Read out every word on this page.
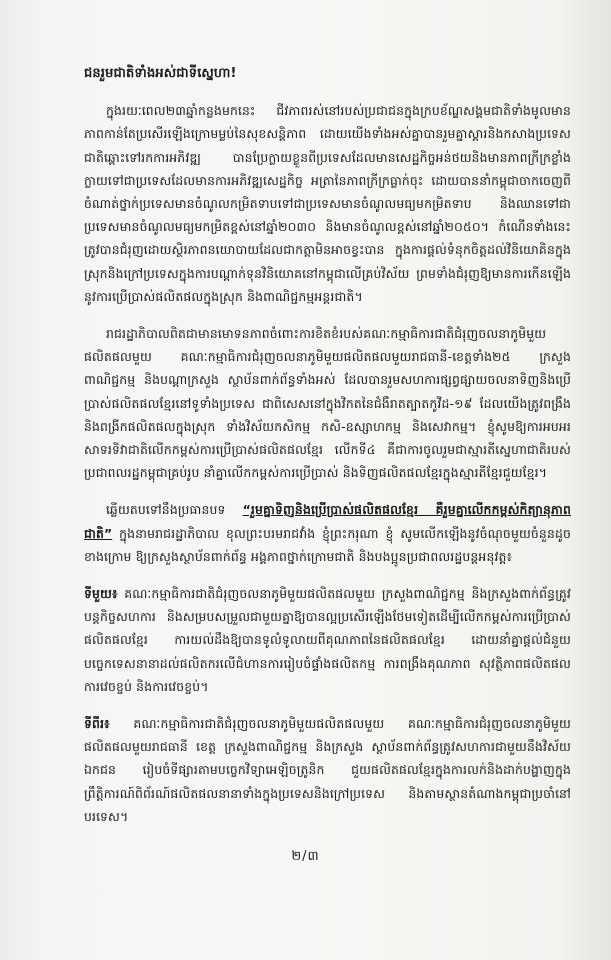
ជនរួមជាតិទាំងអស់ជាទីស្នេហា!

ក្នុងរយៈពេល២៣ឆ្នាំកន្លងមកនេះ ជីវភាពរស់នៅរបស់ប្រជាជនក្នុងក្របខ័ណ្ឌសង្គមជាតិទាំងមូលមានភាពកាន់តែប្រសើរឡើងក្រោមម្លប់នៃសុខសន្តិភាព ដោយយើងទាំងអស់គ្នាបានរួមគ្នាស្តារនិងកសាងប្រទេសជាតិឆ្ពោះទៅរកការអភិវឌ្ឍ បានប្រែក្លាយខ្លួនពីប្រទេសដែលមានសេដ្ឋកិច្ចអន់ថយនិងមានភាពក្រីក្រខ្លាំង ក្លាយទៅជាប្រទេសដែលមានការអភិវឌ្ឍសេដ្ឋកិច្ច អត្រានៃភាពក្រីក្រធ្លាក់ចុះ ដោយបាននាំកម្ពុជាចាកចេញពីចំណាត់ថ្នាក់ប្រទេសមានចំណូលកម្រិតទាបទៅជាប្រទេសមានចំណូលមធ្យមកម្រិតទាប និងឈានទៅជាប្រទេសមានចំណូលមធ្យមកម្រិតខ្ពស់នៅឆ្នាំ២០៣០ និងមានចំណូលខ្ពស់នៅឆ្នាំ២០៥០។ កំណើនទាំងនេះត្រូវបានជំរុញដោយស្ថិរភាពនយោបាយដែលជាកត្តាមិនអាចខ្វះបាន ក្នុងការផ្តល់ទំនុកចិត្តដល់វិនិយោគិនក្នុងស្រុកនិងក្រៅប្រទេសក្នុងការបណ្តាក់ទុនវិនិយោគនៅកម្ពុជាលើគ្រប់វិស័យ ព្រមទាំងជំរុញឱ្យមានការកើនឡើងនូវការប្រើប្រាស់ផលិតផលក្នុងស្រុក និងពាណិជ្ជកម្មអន្តរជាតិ។

រាជរដ្ឋាភិបាលពិតជាមានមោទនភាពចំពោះការខិតខំរបស់គណៈកម្មាធិការជាតិជំរុញចលនាភូមិមួយផលិតផលមួយ គណៈកម្មាធិការជំរុញចលនាភូមិមួយផលិតផលមួយរាជធានី-ខេត្តទាំង២៥ ក្រសួងពាណិជ្ជកម្ម និងបណ្តាក្រសួង ស្ថាប័នពាក់ព័ន្ធទាំងអស់ ដែលបានរួមសហការផ្សព្វផ្សាយចលនាទិញនិងប្រើប្រាស់ផលិតផលខ្មែរនៅទូទាំងប្រទេស ជាពិសេសនៅក្នុងវិកតនៃជំងឺរាតត្បាតកូវីដ-១៩ ដែលយើងត្រូវពង្រឹងនិងពង្រីកផលិតផលក្នុងស្រុក ទាំងវិស័យកសិកម្ម កសិ-ឧស្សាហកម្ម និងសេវាកម្ម។ ខ្ញុំសូមឱ្យការអបអរសាទរទិវាជាតិលើកកម្ពស់ការប្រើប្រាស់ផលិតផលខ្មែរ លើកទី៤ គឺជាការចូលរួមជាស្មារតីស្នេហាជាតិរបស់ប្រជាពលរដ្ឋកម្ពុជាគ្រប់រូប នាំគ្នាលើកកម្ពស់ការប្រើប្រាស់ និងទិញផលិតផលខ្មែរក្នុងស្មារតីខ្មែរជួយខ្មែរ។

ឆ្លើយតបទៅនឹងប្រធានបទ “រួមគ្នាទិញនិងប្រើប្រាស់ផលិតផលខ្មែរ គឺរួមគ្នាលើកកម្ពស់កិត្យានុភាពជាតិ” ក្នុងនាមរាជរដ្ឋាភិបាល ខុលព្រះបរមរាជវាំង ខ្ញុំព្រះករុណា ខ្ញុំ សូមលើកឡើងនូវចំណុចមួយចំនួនដូចខាងក្រោម ឱ្យក្រសួងស្ថាប័នពាក់ព័ន្ធ អង្គភាពថ្នាក់ក្រោមជាតិ និងបងប្អូនប្រជាពលរដ្ឋបន្តអនុវត្ត៖

ទីមួយ៖ គណៈកម្មាធិការជាតិជំរុញចលនាភូមិមួយផលិតផលមួយ ក្រសួងពាណិជ្ជកម្ម និងក្រសួងពាក់ព័ន្ធត្រូវបន្តកិច្ចសហការ និងសម្របសម្រួលជាមួយគ្នាឱ្យបានល្អប្រសើរឡើងថែមទៀតដើម្បីលើកកម្ពស់ការប្រើប្រាស់ផលិតផលខ្មែរ ការយល់ដឹងឱ្យបានទូលំទូលាយពីគុណភាពនៃផលិតផលខ្មែរ ដោយនាំគ្នាផ្តល់ជំនួយបច្ចេកទេសនានាដល់ផលិតករលើជំហានការរៀបចំផ្ទាំងផលិតកម្ម ការពង្រឹងគុណភាព សុវត្ថិភាពផលិតផល ការវេចខ្ចប់ និងការវេចខ្ចប់។

ទីពីរ៖ គណៈកម្មាធិការជាតិជំរុញចលនាភូមិមួយផលិតផលមួយ គណៈកម្មាធិការជំរុញចលនាភូមិមួយផលិតផលមួយរាជធានី ខេត្ត ក្រសួងពាណិជ្ជកម្ម និងក្រសួង ស្ថាប័នពាក់ព័ន្ធត្រូវសហការជាមួយនឹងវិស័យឯកជន រៀបចំទីផ្សារតាមបច្ចេកវិទ្យាអេឡិចត្រូនិក ជួយផលិតផលខ្មែរក្នុងការលក់និងដាក់បង្ហាញក្នុងព្រឹត្តិការណ៍ពិព័រណ៍ផលិតផលនានាទាំងក្នុងប្រទេសនិងក្រៅប្រទេស និងតាមស្ថានតំណាងកម្ពុជាប្រចាំនៅបរទេស។

២/៣
